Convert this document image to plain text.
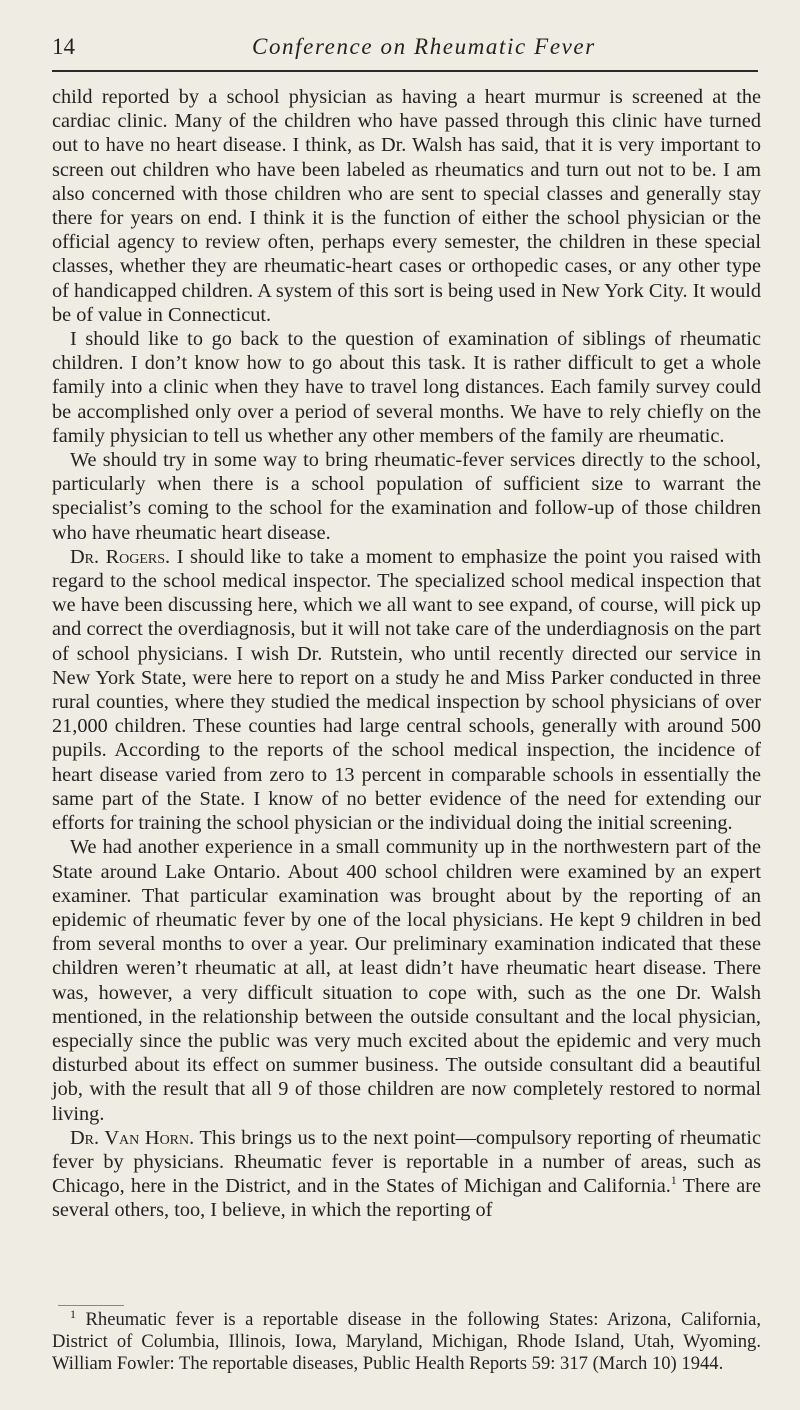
14	Conference on Rheumatic Fever

child reported by a school physician as having a heart murmur is screened at the cardiac clinic. Many of the children who have passed through this clinic have turned out to have no heart disease. I think, as Dr. Walsh has said, that it is very important to screen out children who have been labeled as rheumatics and turn out not to be. I am also concerned with those children who are sent to special classes and generally stay there for years on end. I think it is the function of either the school physician or the official agency to review often, perhaps every semester, the children in these special classes, whether they are rheumatic-heart cases or orthopedic cases, or any other type of handicapped children. A system of this sort is being used in New York City. It would be of value in Connecticut.

I should like to go back to the question of examination of siblings of rheumatic children. I don’t know how to go about this task. It is rather difficult to get a whole family into a clinic when they have to travel long distances. Each family survey could be accomplished only over a period of several months. We have to rely chiefly on the family physician to tell us whether any other members of the family are rheumatic.

We should try in some way to bring rheumatic-fever services directly to the school, particularly when there is a school population of sufficient size to warrant the specialist’s coming to the school for the examination and follow-up of those children who have rheumatic heart disease.

Dr. Rogers. I should like to take a moment to emphasize the point you raised with regard to the school medical inspector. The specialized school medical inspection that we have been discussing here, which we all want to see expand, of course, will pick up and correct the overdiagnosis, but it will not take care of the underdiagnosis on the part of school physicians. I wish Dr. Rutstein, who until recently directed our service in New York State, were here to report on a study he and Miss Parker conducted in three rural counties, where they studied the medical inspection by school physicians of over 21,000 children. These counties had large central schools, generally with around 500 pupils. According to the reports of the school medical inspection, the incidence of heart disease varied from zero to 13 percent in comparable schools in essentially the same part of the State. I know of no better evidence of the need for extending our efforts for training the school physician or the individual doing the initial screening.

We had another experience in a small community up in the northwestern part of the State around Lake Ontario. About 400 school children were examined by an expert examiner. That particular examination was brought about by the reporting of an epidemic of rheumatic fever by one of the local physicians. He kept 9 children in bed from several months to over a year. Our preliminary examination indicated that these children weren’t rheumatic at all, at least didn’t have rheumatic heart disease. There was, however, a very difficult situation to cope with, such as the one Dr. Walsh mentioned, in the relationship between the outside consultant and the local physician, especially since the public was very much excited about the epidemic and very much disturbed about its effect on summer business. The outside consultant did a beautiful job, with the result that all 9 of those children are now completely restored to normal living.

Dr. Van Horn. This brings us to the next point—compulsory reporting of rheumatic fever by physicians. Rheumatic fever is reportable in a number of areas, such as Chicago, here in the District, and in the States of Michigan and California.$^1$ There are several others, too, I believe, in which the reporting of

$^1$ Rheumatic fever is a reportable disease in the following States: Arizona, California, District of Columbia, Illinois, Iowa, Maryland, Michigan, Rhode Island, Utah, Wyoming. William Fowler: The reportable diseases, Public Health Reports 59: 317 (March 10) 1944.
